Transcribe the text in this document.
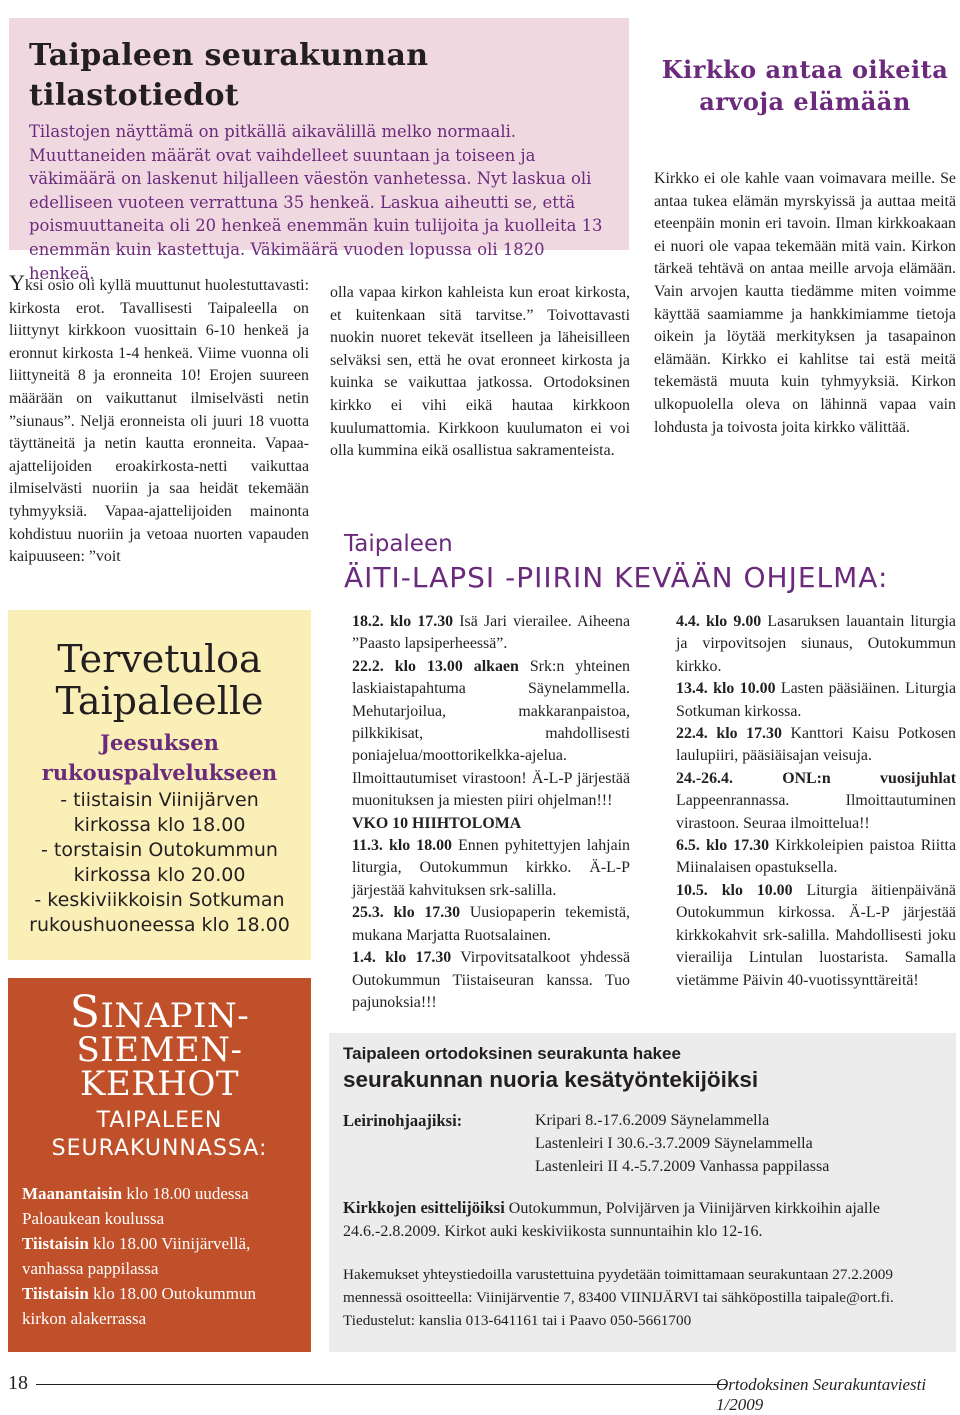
Taipaleen seurakunnan tilastotiedot

Tilastojen näyttämä on pitkällä aikavälillä melko normaali. Muuttaneiden määrät ovat vaihdelleet suuntaan ja toiseen ja väkimäärä on laskenut hiljalleen väestön vanhetessa. Nyt laskua oli edelliseen vuoteen verrattuna 35 henkeä. Laskua aiheutti se, että poismuuttaneita oli 20 henkeä enemmän kuin tulijoita ja kuolleita 13 enemmän kuin kastettuja. Väkimäärä vuoden lopussa oli 1820 henkeä.

Yksi osio oli kyllä muuttunut huolestuttavasti: kirkosta erot. Tavallisesti Taipaleella on liittynyt kirkkoon vuosittain 6-10 henkeä ja eronnut kirkosta 1-4 henkeä. Viime vuonna oli liittyneitä 8 ja eronneita 10! Erojen suureen määrään on vaikuttanut ilmiselvästi netin ”siunaus”. Neljä eronneista oli juuri 18 vuotta täyttäneitä ja netin kautta eronneita. Vapaa-ajattelijoiden eroakirkosta-netti vaikuttaa ilmiselvästi nuoriin ja saa heidät tekemään tyhmyyksiä. Vapaa-ajattelijoiden mainonta kohdistuu nuoriin ja vetoaa nuorten vapauden kaipuuseen: ”voit
olla vapaa kirkon kahleista kun eroat kirkosta, et kuitenkaan sitä tarvitse.” Toivottavasti nuokin nuoret tekevät itselleen ja läheisilleen selväksi sen, että he ovat eronneet kirkosta ja kuinka se vaikuttaa jatkossa. Ortodoksinen kirkko ei vihi eikä hautaa kirkkoon kuulumattomia. Kirkkoon kuulumaton ei voi olla kummina eikä osallistua sakramenteista.
Kirkko antaa oikeita arvoja elämään
Kirkko ei ole kahle vaan voimavara meille. Se antaa tukea elämän myrskyissä ja auttaa meitä eteenpäin monin eri tavoin. Ilman kirkkoakaan ei nuori ole vapaa tekemään mitä vain. Kirkon tärkeä tehtävä on antaa meille arvoja elämään. Vain arvojen kautta tiedämme miten voimme käyttää saamiamme ja hankkimiamme tietoja oikein ja löytää merkityksen ja tasapainon elämään. Kirkko ei kahlitse tai estä meitä tekemästä muuta kuin tyhmyyksiä. Kirkon ulkopuolella oleva on lähinnä vapaa vain lohdusta ja toivosta joita kirkko välittää.
Taipaleen
ÄITI-LAPSI -PIIRIN KEVÄÄN OHJELMA:
Tervetuloa
Taipaleelle
Jeesuksen
rukouspalvelukseen
- tiistaisin Viinijärven
kirkossa klo 18.00
- torstaisin Outokummun
kirkossa klo 20.00
- keskiviikkoisin Sotkuman
rukoushuoneessa klo 18.00
SINAPIN-
SIEMEN-
KERHOT
TAIPALEEN
SEURAKUNNASSA:

Maanantaisin klo 18.00 uudessa Paloaukean koulussa

Tiistaisin klo 18.00 Viinijärvellä, vanhassa pappilassa

Tiistaisin klo 18.00 Outokummun kirkon alakerrassa

18.2. klo 17.30 Isä Jari vierailee. Aiheena ”Paasto lapsiperheessä”.

22.2. klo 13.00 alkaen Srk:n yhteinen laskiaistapahtuma Säynelammella. Mehutarjoilua, makkaranpaistoa, pilkkikisat, mahdollisesti poniajelua/moottorikelkka-ajelua. Ilmoittautumiset virastoon! Ä-L-P järjestää muonituksen ja miesten piiri ohjelman!!!

VKO 10 HIIHTOLOMA

11.3. klo 18.00 Ennen pyhitettyjen lahjain liturgia, Outokummun kirkko. Ä-L-P järjestää kahvituksen srk-salilla.

25.3. klo 17.30 Uusiopaperin tekemistä, mukana Marjatta Ruotsalainen.

1.4. klo 17.30 Virpovitsatalkoot yhdessä Outokummun Tiistaiseuran kanssa. Tuo pajunoksia!!!

4.4. klo 9.00 Lasaruksen lauantain liturgia ja virpovitsojen siunaus, Outokummun kirkko.

13.4. klo 10.00 Lasten pääsiäinen. Liturgia Sotkuman kirkossa.

22.4. klo 17.30 Kanttori Kaisu Potkosen laulupiiri, pääsiäisajan veisuja.

24.-26.4. ONL:n vuosijuhlat Lappeenrannassa. Ilmoittautuminen virastoon. Seuraa ilmoittelua!!

6.5. klo 17.30 Kirkkoleipien paistoa Riitta Miinalaisen opastuksella.

10.5. klo 10.00 Liturgia äitienpäivänä Outokummun kirkossa. Ä-L-P järjestää kirkkokahvit srk-salilla. Mahdollisesti joku vierailija Lintulan luostarista. Samalla vietämme Päivin 40-vuotissynttäreitä!

Taipaleen ortodoksinen seurakunta hakee
seurakunnan nuoria kesätyöntekijöiksi
Leirinohjaajiksi:	Kripari 8.-17.6.2009 Säynelammella
Lastenleiri I 30.6.-3.7.2009 Säynelammella
Lastenleiri II 4.-5.7.2009 Vanhassa pappilassa

Kirkkojen esittelijöiksi Outokummun, Polvijärven ja Viinijärven kirkkoihin ajalle 24.6.-2.8.2009. Kirkot auki keskiviikosta sunnuntaihin klo 12-16.

Hakemukset yhteystiedoilla varustettuina pyydetään toimittamaan seurakuntaan 27.2.2009 mennessä osoitteella: Viinijärventie 7, 83400 VIINIJÄRVI tai sähköpostilla taipale@ort.fi. Tiedustelut: kanslia 013-641161 tai i Paavo 050-5661700

18	Ortodoksinen Seurakuntaviesti 1/2009
